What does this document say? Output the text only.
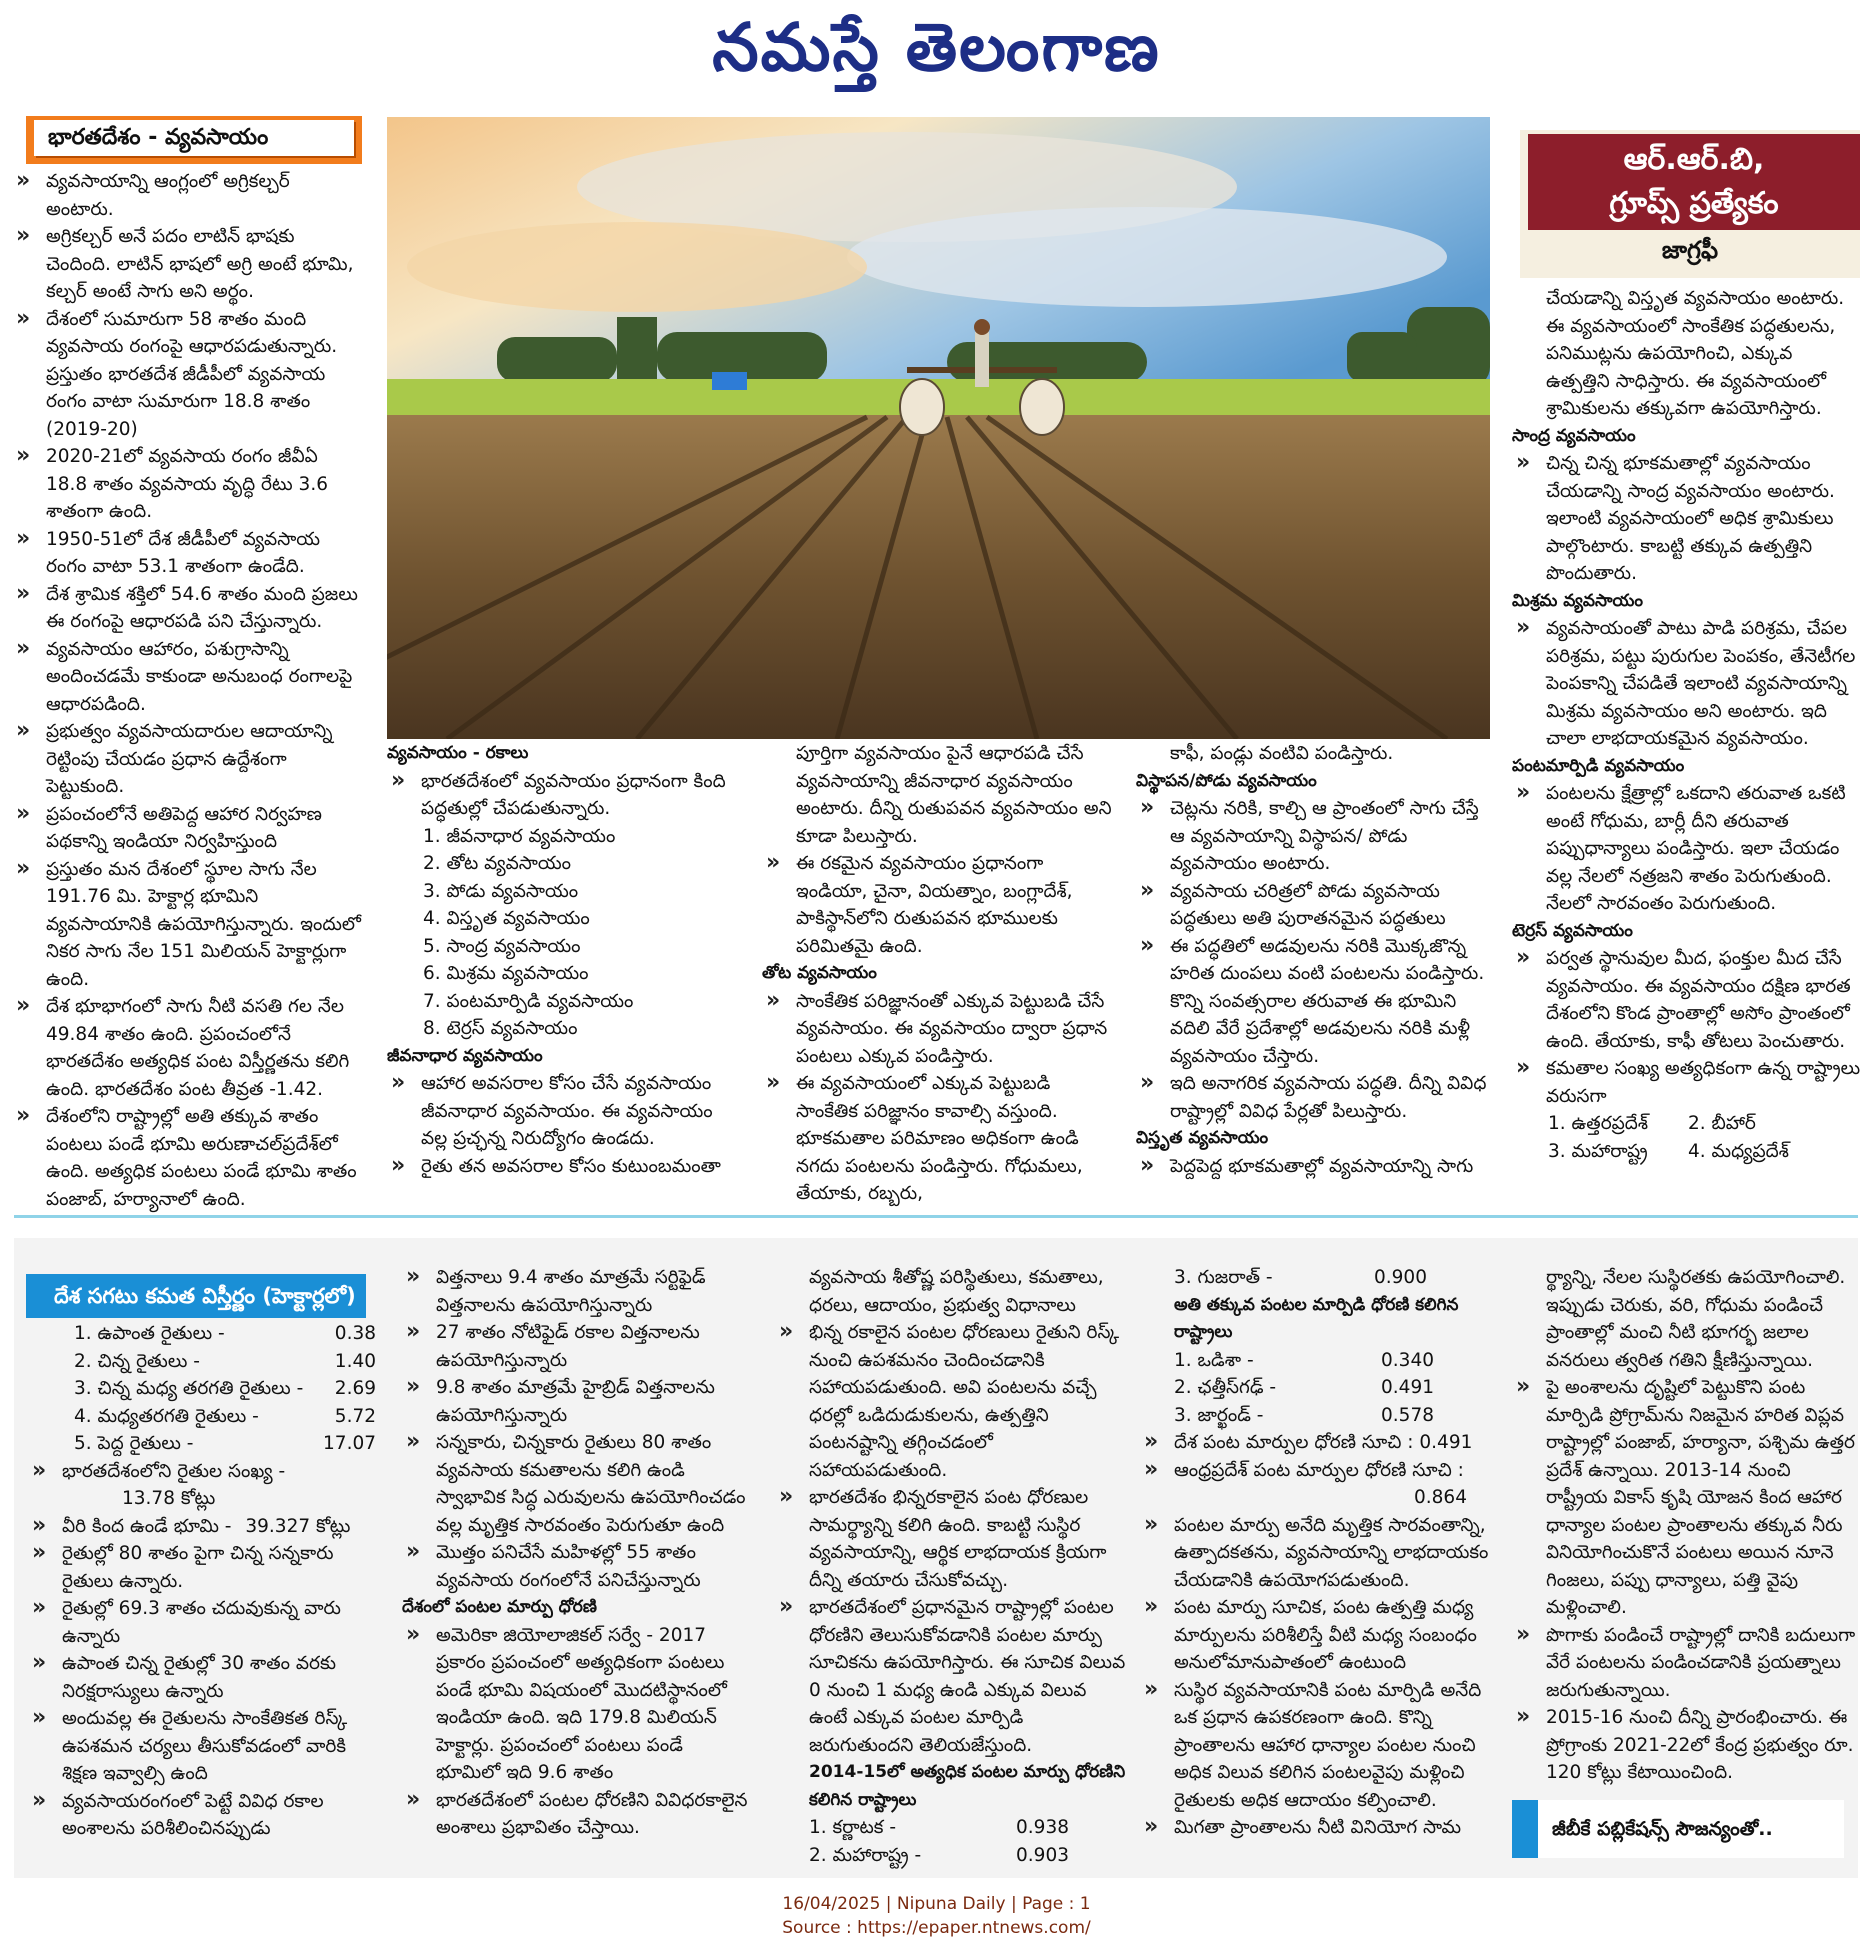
నమస్తే తెలంగాణ
భారతదేశం - వ్యవసాయం

» వ్యవసాయాన్ని ఆంగ్లంలో అగ్రికల్చర్ అంటారు.

» అగ్రికల్చర్ అనే పదం లాటిన్ భాషకు చెందింది. లాటిన్ భాషలో అగ్రి అంటే భూమి, కల్చర్ అంటే సాగు అని అర్థం.

» దేశంలో సుమారుగా 58 శాతం మంది వ్యవసాయ రంగంపై ఆధారపడుతున్నారు. ప్రస్తుతం భారతదేశ జీడీపీలో వ్యవసాయ రంగం వాటా సుమారుగా 18.8 శాతం (2019-20)

» 2020-21లో వ్యవసాయ రంగం జీవీఏ 18.8 శాతం వ్యవసాయ వృద్ధి రేటు 3.6 శాతంగా ఉంది.

» 1950-51లో దేశ జీడీపీలో వ్యవసాయ రంగం వాటా 53.1 శాతంగా ఉండేది.

» దేశ శ్రామిక శక్తిలో 54.6 శాతం మంది ప్రజలు ఈ రంగంపై ఆధారపడి పని చేస్తున్నారు.

» వ్యవసాయం ఆహారం, పశుగ్రాసాన్ని అందించడమే కాకుండా అనుబంధ రంగాలపై ఆధారపడింది.

» ప్రభుత్వం వ్యవసాయదారుల ఆదాయాన్ని రెట్టింపు చేయడం ప్రధాన ఉద్దేశంగా పెట్టుకుంది.

» ప్రపంచంలోనే అతిపెద్ద ఆహార నిర్వహణ పథకాన్ని ఇండియా నిర్వహిస్తుంది

» ప్రస్తుతం మన దేశంలో స్థూల సాగు నేల 191.76 మి. హెక్టార్ల భూమిని వ్యవసాయానికి ఉపయోగిస్తున్నారు. ఇందులో నికర సాగు నేల 151 మిలియన్ హెక్టార్లుగా ఉంది.

» దేశ భూభాగంలో సాగు నీటి వసతి గల నేల 49.84 శాతం ఉంది. ప్రపంచంలోనే భారతదేశం అత్యధిక పంట విస్తీర్ణతను కలిగి ఉంది. భారతదేశం పంట తీవ్రత -1.42.

» దేశంలోని రాష్ట్రాల్లో అతి తక్కువ శాతం పంటలు పండే భూమి అరుణాచల్‌ప్రదేశ్‌లో ఉంది. అత్యధిక పంటలు పండే భూమి శాతం పంజాబ్, హర్యానాలో ఉంది.

వ్యవసాయం - రకాలు

» భారతదేశంలో వ్యవసాయం ప్రధానంగా కింది పద్ధతుల్లో చేపడుతున్నారు.

1. జీవనాధార వ్యవసాయం
2. తోట వ్యవసాయం
3. పోడు వ్యవసాయం
4. విస్తృత వ్యవసాయం
5. సాంద్ర వ్యవసాయం
6. మిశ్రమ వ్యవసాయం
7. పంటమార్పిడి వ్యవసాయం
8. టెర్రస్ వ్యవసాయం

జీవనాధార వ్యవసాయం

» ఆహార అవసరాల కోసం చేసే వ్యవసాయం జీవనాధార వ్యవసాయం. ఈ వ్యవసాయం వల్ల ప్రచ్ఛన్న నిరుద్యోగం ఉండదు.

» రైతు తన అవసరాల కోసం కుటుంబమంతా

పూర్తిగా వ్యవసాయం పైనే ఆధారపడి చేసే వ్యవసాయాన్ని జీవనాధార వ్యవసాయం అంటారు. దీన్ని రుతుపవన వ్యవసాయం అని కూడా పిలుస్తారు.

» ఈ రకమైన వ్యవసాయం ప్రధానంగా ఇండియా, చైనా, వియత్నాం, బంగ్లాదేశ్, పాకిస్థాన్‌లోని రుతుపవన భూములకు పరిమితమై ఉంది.

తోట వ్యవసాయం

» సాంకేతిక పరిజ్ఞానంతో ఎక్కువ పెట్టుబడి చేసే వ్యవసాయం. ఈ వ్యవసాయం ద్వారా ప్రధాన పంటలు ఎక్కువ పండిస్తారు.

» ఈ వ్యవసాయంలో ఎక్కువ పెట్టుబడి సాంకేతిక పరిజ్ఞానం కావాల్సి వస్తుంది. భూకమతాల పరిమాణం అధికంగా ఉండి నగదు పంటలను పండిస్తారు. గోధుమలు, తేయాకు, రబ్బరు,

కాఫీ, పండ్లు వంటివి పండిస్తారు.

విస్థాపన/పోడు వ్యవసాయం

» చెట్లను నరికి, కాల్చి ఆ ప్రాంతంలో సాగు చేస్తే ఆ వ్యవసాయాన్ని విస్థాపన/ పోడు వ్యవసాయం అంటారు.

» వ్యవసాయ చరిత్రలో పోడు వ్యవసాయ పద్ధతులు అతి పురాతనమైన పద్ధతులు

» ఈ పద్ధతిలో అడవులను నరికి మొక్కజొన్న హరిత దుంపలు వంటి పంటలను పండిస్తారు. కొన్ని సంవత్సరాల తరువాత ఈ భూమిని వదిలి వేరే ప్రదేశాల్లో అడవులను నరికి మళ్లీ వ్యవసాయం చేస్తారు.

» ఇది అనాగరిక వ్యవసాయ పద్ధతి. దీన్ని వివిధ రాష్ట్రాల్లో వివిధ పేర్లతో పిలుస్తారు.

విస్తృత వ్యవసాయం

» పెద్దపెద్ద భూకమతాల్లో వ్యవసాయాన్ని సాగు

ఆర్.ఆర్.బి,
గ్రూప్స్ ప్రత్యేకం
జాగ్రఫీ

చేయడాన్ని విస్తృత వ్యవసాయం అంటారు. ఈ వ్యవసాయంలో సాంకేతిక పద్ధతులను, పనిముట్లను ఉపయోగించి, ఎక్కువ ఉత్పత్తిని సాధిస్తారు. ఈ వ్యవసాయంలో శ్రామికులను తక్కువగా ఉపయోగిస్తారు.

సాంద్ర వ్యవసాయం

» చిన్న చిన్న భూకమతాల్లో వ్యవసాయం చేయడాన్ని సాంద్ర వ్యవసాయం అంటారు. ఇలాంటి వ్యవసాయంలో అధిక శ్రామికులు పాల్గొంటారు. కాబట్టి తక్కువ ఉత్పత్తిని పొందుతారు.

మిశ్రమ వ్యవసాయం

» వ్యవసాయంతో పాటు పాడి పరిశ్రమ, చేపల పరిశ్రమ, పట్టు పురుగుల పెంపకం, తేనెటీగల పెంపకాన్ని చేపడితే ఇలాంటి వ్యవసాయాన్ని మిశ్రమ వ్యవసాయం అని అంటారు. ఇది చాలా లాభదాయకమైన వ్యవసాయం.

పంటమార్పిడి వ్యవసాయం

» పంటలను క్షేత్రాల్లో ఒకదాని తరువాత ఒకటి అంటే గోధుమ, బార్లీ దీని తరువాత పప్పుధాన్యాలు పండిస్తారు. ఇలా చేయడం వల్ల నేలలో నత్రజని శాతం పెరుగుతుంది. నేలలో సారవంతం పెరుగుతుంది.

టెర్రస్ వ్యవసాయం

» పర్వత స్థానువుల మీద, ఫంక్తుల మీద చేసే వ్యవసాయం. ఈ వ్యవసాయం దక్షిణ భారత దేశంలోని కొండ ప్రాంతాల్లో అసోం ప్రాంతంలో ఉంది. తేయాకు, కాఫీ తోటలు పెంచుతారు.

» కమతాల సంఖ్య అత్యధికంగా ఉన్న రాష్ట్రాలు వరుసగా

1. ఉత్తరప్రదేశ్	2. బీహార్
3. మహారాష్ట్ర	4. మధ్యప్రదేశ్
దేశ సగటు కమత విస్తీర్ణం (హెక్టార్లలో)
1. ఉపాంత రైతులు -	0.38
2. చిన్న రైతులు -	1.40
3. చిన్న మధ్య తరగతి రైతులు -	2.69
4. మధ్యతరగతి రైతులు -	5.72
5. పెద్ద రైతులు -	17.07

» భారతదేశంలోని రైతుల సంఖ్య - 13.78 కోట్లు

» వీరి కింద ఉండే భూమి - 39.327 కోట్లు

» రైతుల్లో 80 శాతం పైగా చిన్న సన్నకారు రైతులు ఉన్నారు.

» రైతుల్లో 69.3 శాతం చదువుకున్న వారు ఉన్నారు

» ఉపాంత చిన్న రైతుల్లో 30 శాతం వరకు నిరక్షరాస్యులు ఉన్నారు

» అందువల్ల ఈ రైతులను సాంకేతికత రిస్క్ ఉపశమన చర్యలు తీసుకోవడంలో వారికి శిక్షణ ఇవ్వాల్సి ఉంది

» వ్యవసాయరంగంలో పెట్టే వివిధ రకాల అంశాలను పరిశీలించినప్పుడు

» విత్తనాలు 9.4 శాతం మాత్రమే సర్టిఫైడ్ విత్తనాలను ఉపయోగిస్తున్నారు

» 27 శాతం నోటిఫైడ్ రకాల విత్తనాలను ఉపయోగిస్తున్నారు

» 9.8 శాతం మాత్రమే హైబ్రిడ్ విత్తనాలను ఉపయోగిస్తున్నారు

» సన్నకారు, చిన్నకారు రైతులు 80 శాతం వ్యవసాయ కమతాలను కలిగి ఉండి స్వాభావిక సిద్ధ ఎరువులను ఉపయోగించడం వల్ల మృత్తిక సారవంతం పెరుగుతూ ఉంది

» మొత్తం పనిచేసే మహిళల్లో 55 శాతం వ్యవసాయ రంగంలోనే పనిచేస్తున్నారు

దేశంలో పంటల మార్పు ధోరణి

» అమెరికా జియోలాజికల్ సర్వే - 2017 ప్రకారం ప్రపంచంలో అత్యధికంగా పంటలు పండే భూమి విషయంలో మొదటిస్థానంలో ఇండియా ఉంది. ఇది 179.8 మిలియన్ హెక్టార్లు. ప్రపంచంలో పంటలు పండే భూమిలో ఇది 9.6 శాతం

» భారతదేశంలో పంటల ధోరణిని వివిధరకాలైన అంశాలు ప్రభావితం చేస్తాయి.

వ్యవసాయ శీతోష్ణ పరిస్థితులు, కమతాలు, ధరలు, ఆదాయం, ప్రభుత్వ విధానాలు

» భిన్న రకాలైన పంటల ధోరణులు రైతుని రిస్క్ నుంచి ఉపశమనం చెందించడానికి సహాయపడుతుంది. అవి పంటలను వచ్చే ధరల్లో ఒడిదుడుకులను, ఉత్పత్తిని పంటనష్టాన్ని తగ్గించడంలో సహాయపడుతుంది.

» భారతదేశం భిన్నరకాలైన పంట ధోరణుల సామర్థ్యాన్ని కలిగి ఉంది. కాబట్టి సుస్థిర వ్యవసాయాన్ని, ఆర్థిక లాభదాయక క్రియగా దీన్ని తయారు చేసుకోవచ్చు.

» భారతదేశంలో ప్రధానమైన రాష్ట్రాల్లో పంటల ధోరణిని తెలుసుకోవడానికి పంటల మార్పు సూచికను ఉపయోగిస్తారు. ఈ సూచిక విలువ 0 నుంచి 1 మధ్య ఉండి ఎక్కువ విలువ ఉంటే ఎక్కువ పంటల మార్పిడి జరుగుతుందని తెలియజేస్తుంది.

2014-15లో అత్యధిక పంటల మార్పు ధోరణిని కలిగిన రాష్ట్రాలు

1. కర్ణాటక -	0.938
2. మహారాష్ట్ర -	0.903
3. గుజరాత్ -	0.900

అతి తక్కువ పంటల మార్పిడి ధోరణి కలిగిన రాష్ట్రాలు

1. ఒడిశా -	0.340
2. ఛత్తీస్‌గఢ్ -	0.491
3. జార్ఖండ్ -	0.578

» దేశ పంట మార్పుల ధోరణి సూచి : 0.491

» ఆంధ్రప్రదేశ్ పంట మార్పుల ధోరణి సూచి :
0.864

» పంటల మార్పు అనేది మృత్తిక సారవంతాన్ని, ఉత్పాదకతను, వ్యవసాయాన్ని లాభదాయకం చేయడానికి ఉపయోగపడుతుంది.

» పంట మార్పు సూచిక, పంట ఉత్పత్తి మధ్య మార్పులను పరిశీలిస్తే వీటి మధ్య సంబంధం అనులోమానుపాతంలో ఉంటుంది

» సుస్థిర వ్యవసాయానికి పంట మార్పిడి అనేది ఒక ప్రధాన ఉపకరణంగా ఉంది. కొన్ని ప్రాంతాలను ఆహార ధాన్యాల పంటల నుంచి అధిక విలువ కలిగిన పంటలవైపు మళ్లించి రైతులకు అధిక ఆదాయం కల్పించాలి.

» మిగతా ప్రాంతాలను నీటి వినియోగ సామ

ర్థ్యాన్ని, నేలల సుస్థిరతకు ఉపయోగించాలి. ఇప్పుడు చెరుకు, వరి, గోధుమ పండించే ప్రాంతాల్లో మంచి నీటి భూగర్భ జలాల వనరులు త్వరిత గతిని క్షీణిస్తున్నాయి.

» పై అంశాలను దృష్టిలో పెట్టుకొని పంట మార్పిడి ప్రోగ్రామ్‌ను నిజమైన హరిత విప్లవ రాష్ట్రాల్లో పంజాబ్, హర్యానా, పశ్చిమ ఉత్తర ప్రదేశ్ ఉన్నాయి. 2013-14 నుంచి రాష్ట్రీయ వికాస్ కృషి యోజన కింద ఆహార ధాన్యాల పంటల ప్రాంతాలను తక్కువ నీరు వినియోగించుకొనే పంటలు అయిన నూనె గింజలు, పప్పు ధాన్యాలు, పత్తి వైపు మళ్లించాలి.

» పొగాకు పండించే రాష్ట్రాల్లో దానికి బదులుగా వేరే పంటలను పండించడానికి ప్రయత్నాలు జరుగుతున్నాయి.

» 2015-16 నుంచి దీన్ని ప్రారంభించారు. ఈ ప్రోగ్రాంకు 2021-22లో కేంద్ర ప్రభుత్వం రూ. 120 కోట్లు కేటాయించింది.

జీబీకే పబ్లికేషన్స్ సౌజన్యంతో..
16/04/2025 | Nipuna Daily | Page : 1
Source : https://epaper.ntnews.com/
